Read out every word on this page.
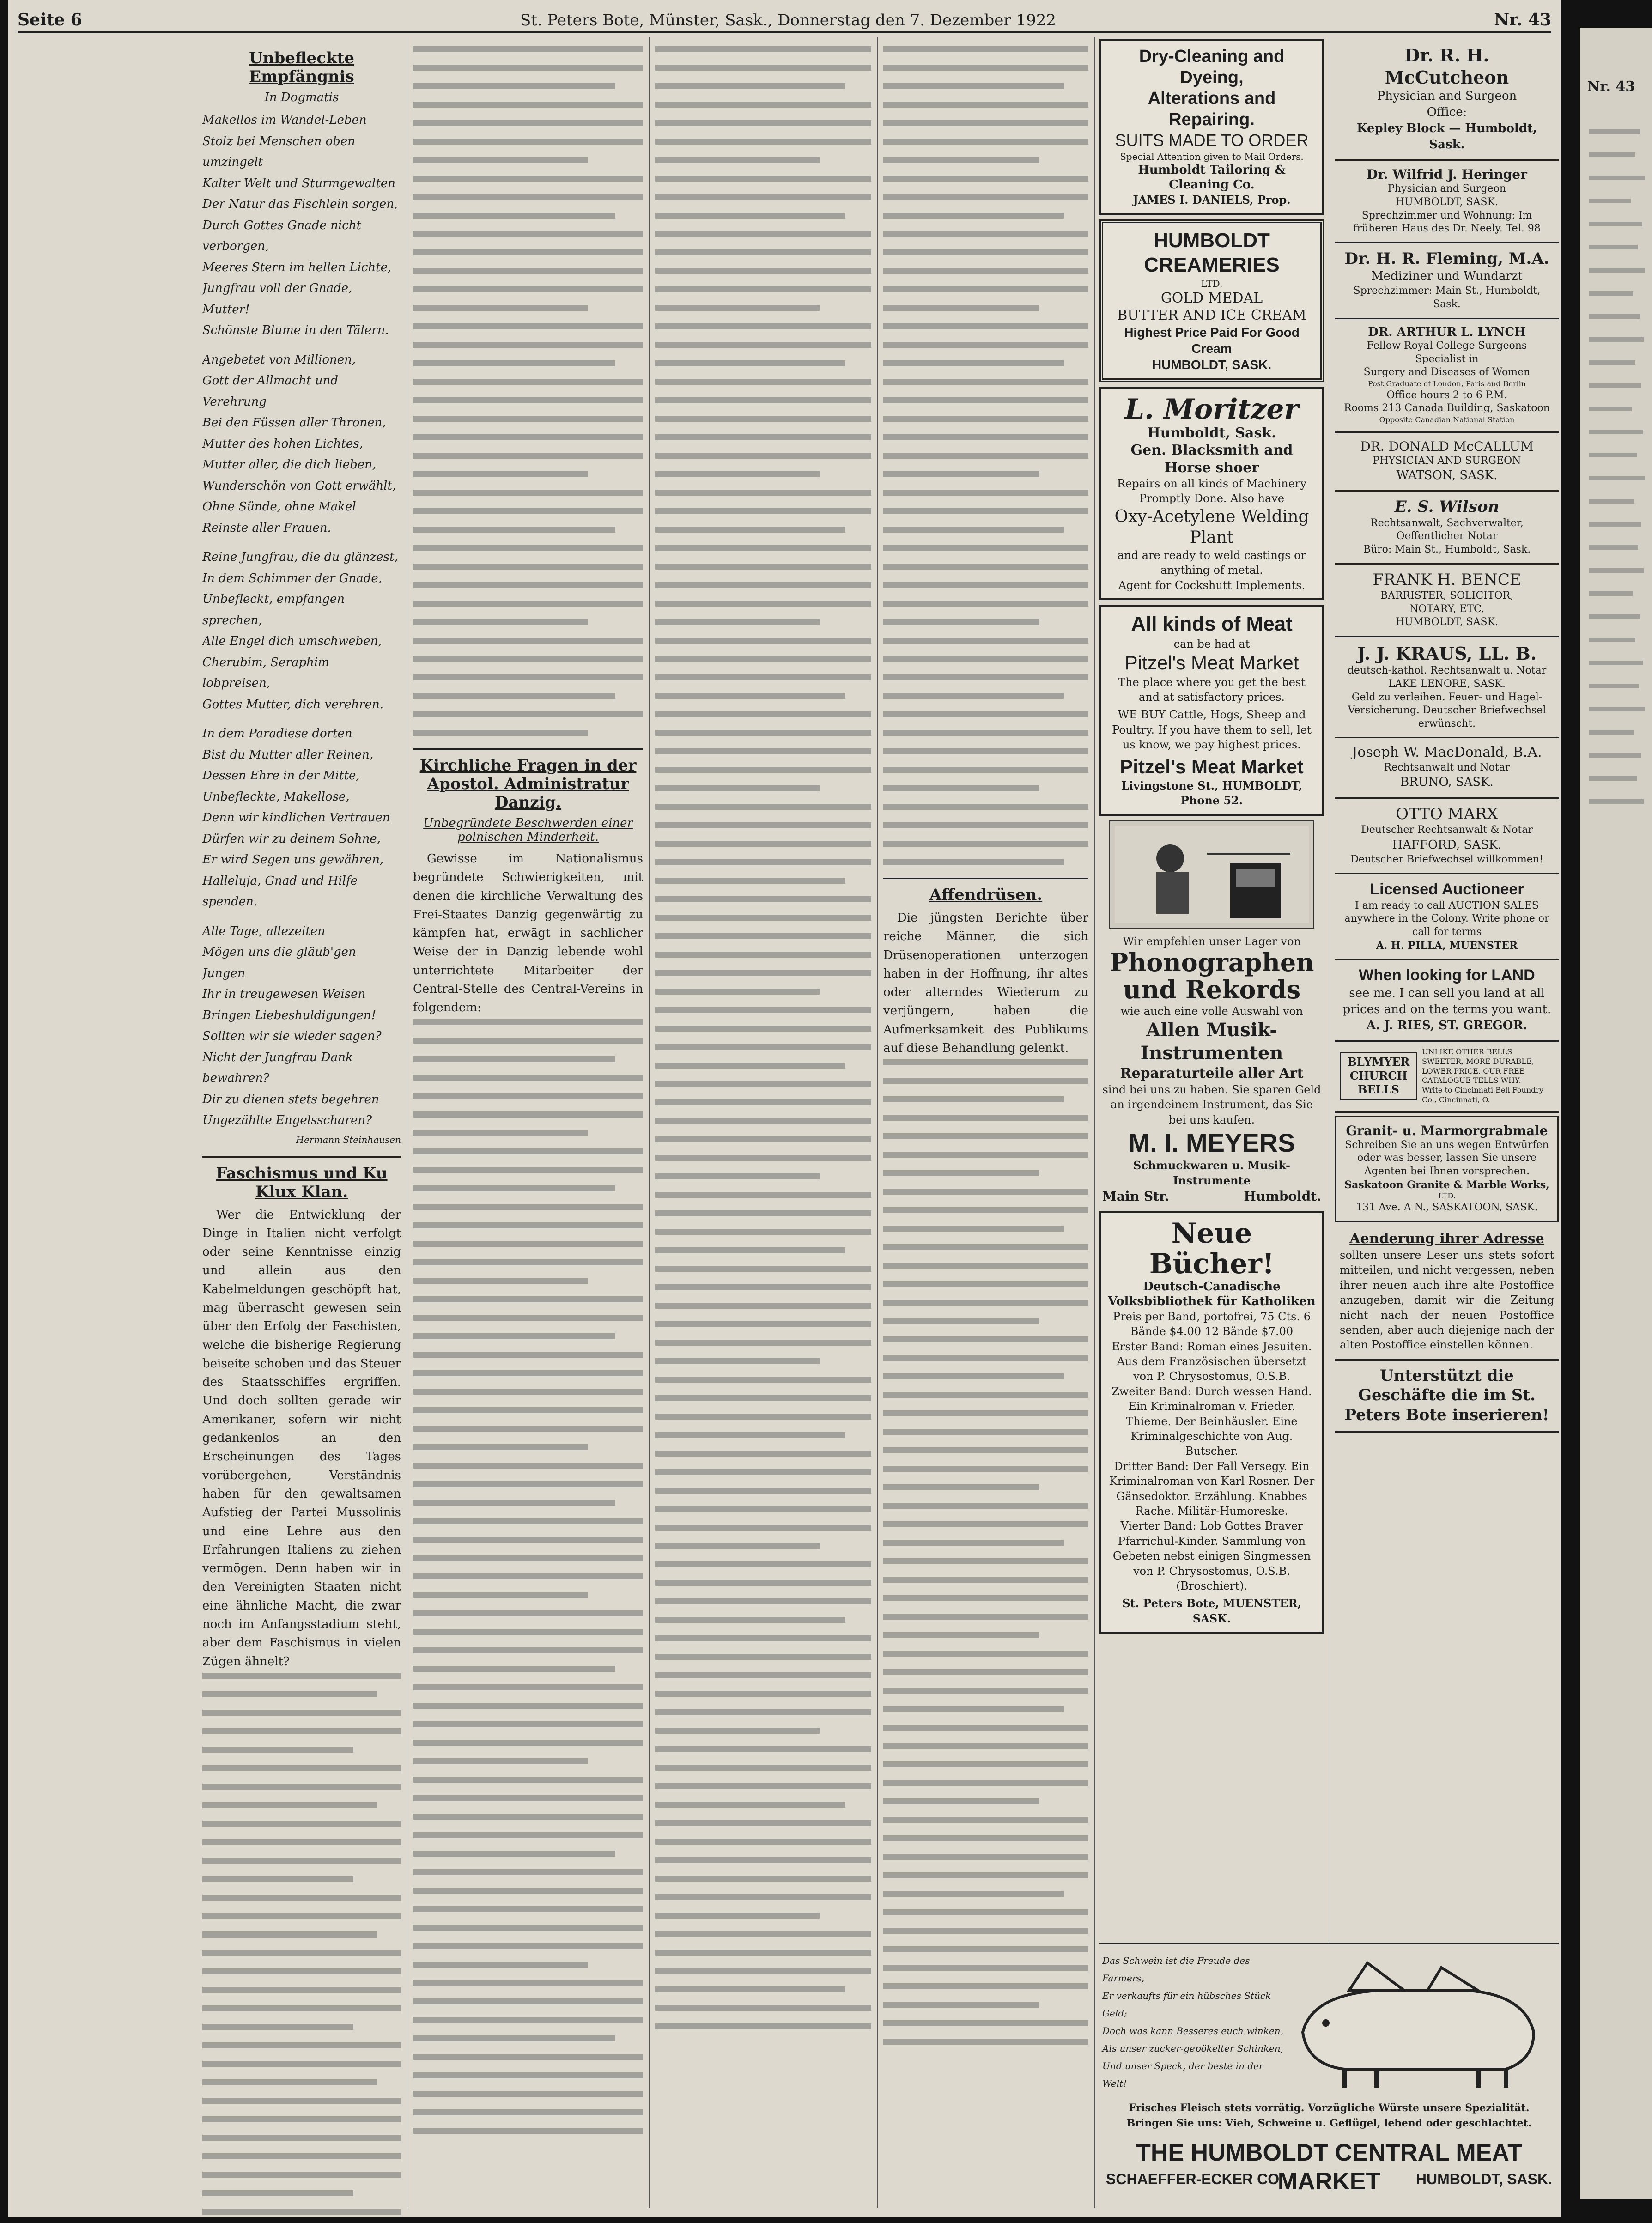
Seite 6	St. Peters Bote, Münster, Sask., Donnerstag den 7. Dezember 1922	Nr. 43
Unbefleckte Empfängnis
In Dogmatis
Makellos im Wandel-Leben
Stolz bei Menschen oben umzingelt
Kalter Welt und Sturmgewalten
Der Natur das Fischlein sorgen,
Durch Gottes Gnade nicht verborgen,
Meeres Stern im hellen Lichte,
Jungfrau voll der Gnade, Mutter!
Schönste Blume in den Tälern.
Angebetet von Millionen,
Gott der Allmacht und Verehrung
Bei den Füssen aller Thronen,
Mutter des hohen Lichtes,
Mutter aller, die dich lieben,
Wunderschön von Gott erwählt,
Ohne Sünde, ohne Makel
Reinste aller Frauen.
Reine Jungfrau, die du glänzest,
In dem Schimmer der Gnade,
Unbefleckt, empfangen sprechen,
Alle Engel dich umschweben,
Cherubim, Seraphim lobpreisen,
Gottes Mutter, dich verehren.
In dem Paradiese dorten
Bist du Mutter aller Reinen,
Dessen Ehre in der Mitte,
Unbefleckte, Makellose,
Denn wir kindlichen Vertrauen
Dürfen wir zu deinem Sohne,
Er wird Segen uns gewähren,
Halleluja, Gnad und Hilfe spenden.
Alle Tage, allezeiten
Mögen uns die gläub'gen Jungen
Ihr in treugewesen Weisen
Bringen Liebeshuldigungen!
Sollten wir sie wieder sagen?
Nicht der Jungfrau Dank bewahren?
Dir zu dienen stets begehren
Ungezählte Engelsscharen?
Hermann Steinhausen
Faschismus und Ku Klux Klan.

Wer die Entwicklung der Dinge in Italien nicht verfolgt oder seine Kenntnisse einzig und allein aus den Kabelmeldungen geschöpft hat, mag überrascht gewesen sein über den Erfolg der Faschisten, welche die bisherige Regierung beiseite schoben und das Steuer des Staatsschiffes ergriffen. Und doch sollten gerade wir Amerikaner, sofern wir nicht gedankenlos an den Erscheinungen des Tages vorübergehen, Verständnis haben für den gewaltsamen Aufstieg der Partei Mussolinis und eine Lehre aus den Erfahrungen Italiens zu ziehen vermögen. Denn haben wir in den Vereinigten Staaten nicht eine ähnliche Macht, die zwar noch im Anfangsstadium steht, aber dem Faschismus in vielen Zügen ähnelt?

Kirchliche Fragen in der Apostol. Administratur Danzig.
Unbegründete Beschwerden einer polnischen Minderheit.

Gewisse im Nationalismus begründete Schwierigkeiten, mit denen die kirchliche Verwaltung des Frei-Staates Danzig gegenwärtig zu kämpfen hat, erwägt in sachlicher Weise der in Danzig lebende wohl unterrichtete Mitarbeiter der Central-Stelle des Central-Vereins in folgendem:

Affendrüsen.

Die jüngsten Berichte über reiche Männer, die sich Drüsenoperationen unterzogen haben in der Hoffnung, ihr altes oder alterndes Wiederum zu verjüngern, haben die Aufmerksamkeit des Publikums auf diese Behandlung gelenkt.

Dry-Cleaning and Dyeing,
Alterations and Repairing.
SUITS MADE TO ORDER
Special Attention given to Mail Orders.
Humboldt Tailoring & Cleaning Co.
JAMES I. DANIELS, Prop.
HUMBOLDT CREAMERIES
LTD.
GOLD MEDAL
BUTTER AND ICE CREAM
Highest Price Paid For Good Cream
HUMBOLDT, SASK.
L. Moritzer
Humboldt, Sask.
Gen. Blacksmith and Horse shoer
Repairs on all kinds of Machinery Promptly Done. Also have
Oxy-Acetylene Welding Plant
and are ready to weld castings or anything of metal.
Agent for Cockshutt Implements.
All kinds of Meat
can be had at
Pitzel's Meat Market
The place where you get the best and at satisfactory prices.
WE BUY Cattle, Hogs, Sheep and Poultry. If you have them to sell, let us know, we pay highest prices.
Pitzel's Meat Market
Livingstone St., HUMBOLDT, Phone 52.
Wir empfehlen unser Lager von
Phonographen und Rekords
wie auch eine volle Auswahl von
Allen Musik-Instrumenten
Reparaturteile aller Art
sind bei uns zu haben. Sie sparen Geld an irgendeinem Instrument, das Sie bei uns kaufen.
M. I. MEYERS
Schmuckwaren u. Musik-Instrumente
Main Str.	Humboldt.
Neue Bücher!
Deutsch-Canadische Volksbibliothek für Katholiken
Preis per Band, portofrei, 75 Cts. 6 Bände $4.00 12 Bände $7.00
Erster Band: Roman eines Jesuiten. Aus dem Französischen übersetzt von P. Chrysostomus, O.S.B.
Zweiter Band: Durch wessen Hand. Ein Kriminalroman v. Frieder. Thieme. Der Beinhäusler. Eine Kriminalgeschichte von Aug. Butscher.
Dritter Band: Der Fall Versegy. Ein Kriminalroman von Karl Rosner. Der Gänsedoktor. Erzählung. Knabbes Rache. Militär-Humoreske.
Vierter Band: Lob Gottes Braver Pfarrichul-Kinder. Sammlung von Gebeten nebst einigen Singmessen von P. Chrysostomus, O.S.B. (Broschiert).
St. Peters Bote, MUENSTER, SASK.
Dr. R. H. McCutcheon
Physician and Surgeon
Office:
Kepley Block — Humboldt, Sask.
Dr. Wilfrid J. Heringer
Physician and Surgeon
HUMBOLDT, SASK.
Sprechzimmer und Wohnung: Im früheren Haus des Dr. Neely. Tel. 98
Dr. H. R. Fleming, M.A.
Mediziner und Wundarzt
Sprechzimmer: Main St., Humboldt, Sask.
DR. ARTHUR L. LYNCH
Fellow Royal College Surgeons
Specialist in
Surgery and Diseases of Women
Post Graduate of London, Paris and Berlin
Office hours 2 to 6 P.M.
Rooms 213 Canada Building, Saskatoon
Opposite Canadian National Station
DR. DONALD McCALLUM
PHYSICIAN AND SURGEON
WATSON, SASK.
E. S. Wilson
Rechtsanwalt, Sachverwalter,
Oeffentlicher Notar
Büro: Main St., Humboldt, Sask.
FRANK H. BENCE
BARRISTER, SOLICITOR,
NOTARY, ETC.
HUMBOLDT, SASK.
J. J. KRAUS, LL. B.
deutsch-kathol. Rechtsanwalt u. Notar
LAKE LENORE, SASK.
Geld zu verleihen. Feuer- und Hagel-Versicherung. Deutscher Briefwechsel erwünscht.
Joseph W. MacDonald, B.A.
Rechtsanwalt und Notar
BRUNO, SASK.
OTTO MARX
Deutscher Rechtsanwalt & Notar
HAFFORD, SASK.
Deutscher Briefwechsel willkommen!
Licensed Auctioneer
I am ready to call AUCTION SALES anywhere in the Colony. Write phone or call for terms
A. H. PILLA, MUENSTER
When looking for LAND
see me. I can sell you land at all prices and on the terms you want.
A. J. RIES, ST. GREGOR.
BLYMYER CHURCH BELLS
UNLIKE OTHER BELLS SWEETER, MORE DURABLE, LOWER PRICE. OUR FREE CATALOGUE TELLS WHY.
Write to Cincinnati Bell Foundry Co., Cincinnati, O.
Granit- u. Marmorgrabmale
Schreiben Sie an uns wegen Entwürfen oder was besser, lassen Sie unsere Agenten bei Ihnen vorsprechen.
Saskatoon Granite & Marble Works,
LTD.
131 Ave. A N., SASKATOON, SASK.
Aenderung ihrer Adresse
sollten unsere Leser uns stets sofort mitteilen, und nicht vergessen, neben ihrer neuen auch ihre alte Postoffice anzugeben, damit wir die Zeitung nicht nach der neuen Postoffice senden, aber auch diejenige nach der alten Postoffice einstellen können.
Unterstützt die Geschäfte die im St. Peters Bote inserieren!
Das Schwein ist die Freude des Farmers,
Er verkaufts für ein hübsches Stück Geld;
Doch was kann Besseres euch winken,
Als unser zucker-gepökelter Schinken,
Und unser Speck, der beste in der Welt!
Frisches Fleisch stets vorrätig. Vorzügliche Würste unsere Spezialität.
Bringen Sie uns: Vieh, Schweine u. Geflügel, lebend oder geschlachtet.
THE HUMBOLDT CENTRAL MEAT MARKET
SCHAEFFER-ECKER CO.	HUMBOLDT, SASK.
Nr. 43
